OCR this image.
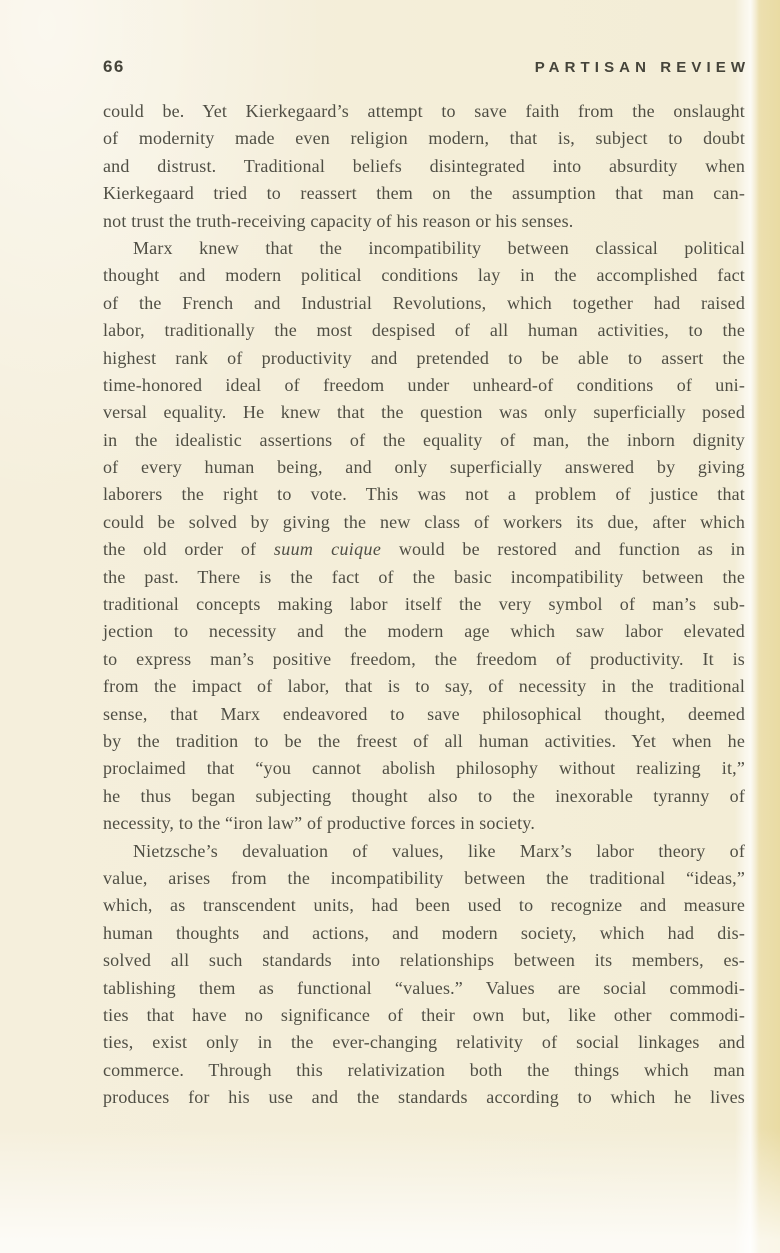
66	PARTISAN REVIEW
could be. Yet Kierkegaard’s attempt to save faith from the onslaught
of modernity made even religion modern, that is, subject to doubt
and distrust. Traditional beliefs disintegrated into absurdity when
Kierkegaard tried to reassert them on the assumption that man can-
not trust the truth-receiving capacity of his reason or his senses.
Marx knew that the incompatibility between classical political
thought and modern political conditions lay in the accomplished fact
of the French and Industrial Revolutions, which together had raised
labor, traditionally the most despised of all human activities, to the
highest rank of productivity and pretended to be able to assert the
time-honored ideal of freedom under unheard-of conditions of uni-
versal equality. He knew that the question was only superficially posed
in the idealistic assertions of the equality of man, the inborn dignity
of every human being, and only superficially answered by giving
laborers the right to vote. This was not a problem of justice that
could be solved by giving the new class of workers its due, after which
the old order of suum cuique would be restored and function as in
the past. There is the fact of the basic incompatibility between the
traditional concepts making labor itself the very symbol of man’s sub-
jection to necessity and the modern age which saw labor elevated
to express man’s positive freedom, the freedom of productivity. It is
from the impact of labor, that is to say, of necessity in the traditional
sense, that Marx endeavored to save philosophical thought, deemed
by the tradition to be the freest of all human activities. Yet when he
proclaimed that “you cannot abolish philosophy without realizing it,”
he thus began subjecting thought also to the inexorable tyranny of
necessity, to the “iron law” of productive forces in society.
Nietzsche’s devaluation of values, like Marx’s labor theory of
value, arises from the incompatibility between the traditional “ideas,”
which, as transcendent units, had been used to recognize and measure
human thoughts and actions, and modern society, which had dis-
solved all such standards into relationships between its members, es-
tablishing them as functional “values.” Values are social commodi-
ties that have no significance of their own but, like other commodi-
ties, exist only in the ever-changing relativity of social linkages and
commerce. Through this relativization both the things which man
produces for his use and the standards according to which he lives
